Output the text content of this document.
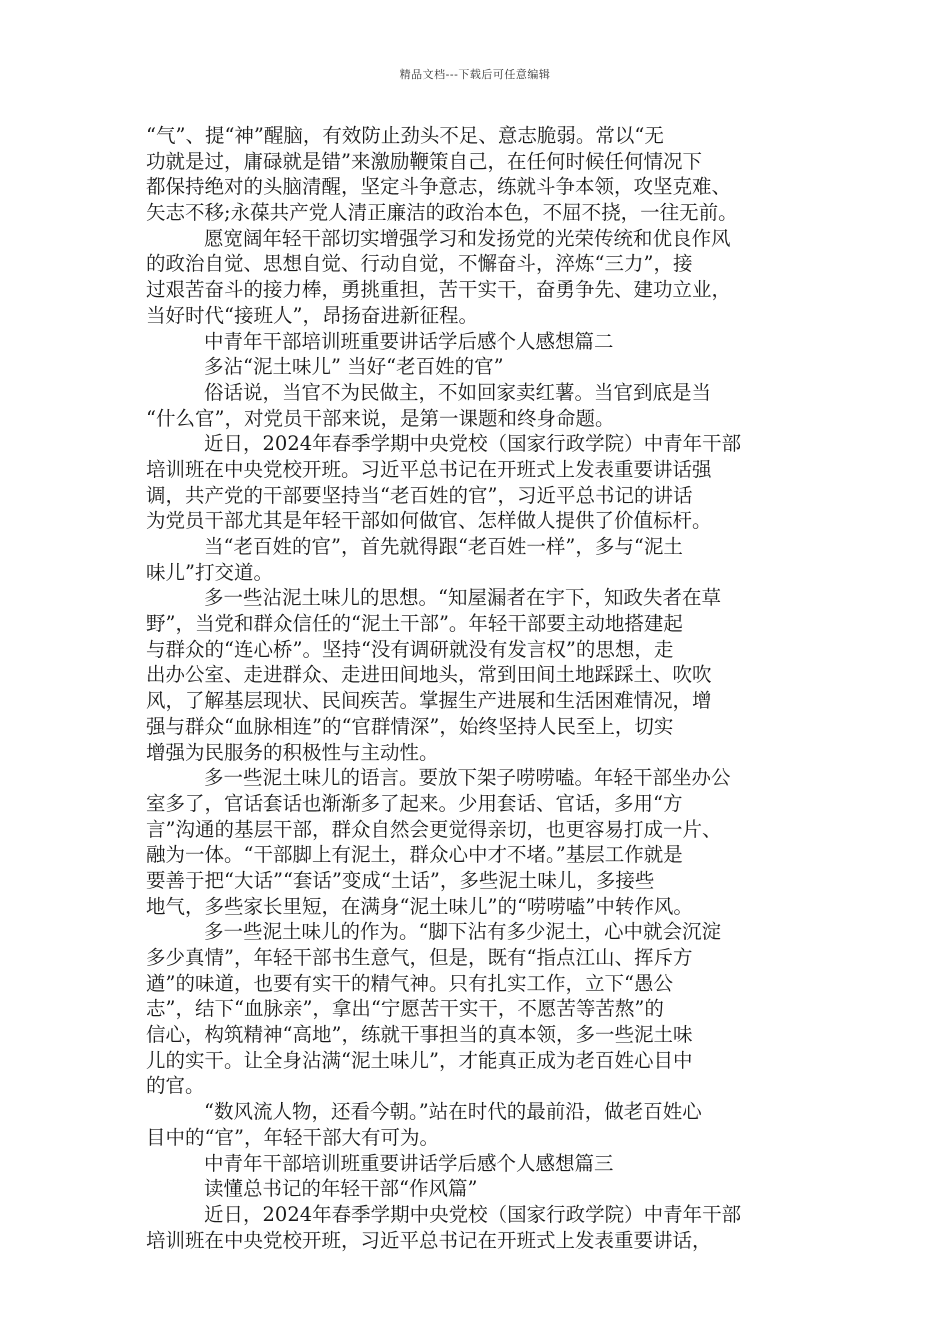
精品文档---下载后可任意编辑
“气”、提“神”醒脑，有效防止劲头不足、意志脆弱。常以“无
功就是过，庸碌就是错”来激励鞭策自己，在任何时候任何情况下
都保持绝对的头脑清醒，坚定斗争意志，练就斗争本领，攻坚克难、
矢志不移;永葆共产党人清正廉洁的政治本色，不屈不挠，一往无前。
愿宽阔年轻干部切实增强学习和发扬党的光荣传统和优良作风
的政治自觉、思想自觉、行动自觉，不懈奋斗，淬炼“三力”，接
过艰苦奋斗的接力棒，勇挑重担，苦干实干，奋勇争先、建功立业，
当好时代“接班人”，昂扬奋进新征程。
中青年干部培训班重要讲话学后感个人感想篇二
多沾“泥土味儿” 当好“老百姓的官”
俗话说，当官不为民做主，不如回家卖红薯。当官到底是当
“什么官”，对党员干部来说，是第一课题和终身命题。
近日，2024年春季学期中央党校（国家行政学院）中青年干部
培训班在中央党校开班。习近平总书记在开班式上发表重要讲话强
调，共产党的干部要坚持当“老百姓的官”，习近平总书记的讲话
为党员干部尤其是年轻干部如何做官、怎样做人提供了价值标杆。
当“老百姓的官”，首先就得跟“老百姓一样”，多与“泥土
味儿”打交道。
多一些沾泥土味儿的思想。“知屋漏者在宇下，知政失者在草
野”，当党和群众信任的“泥土干部”。年轻干部要主动地搭建起
与群众的“连心桥”。坚持“没有调研就没有发言权”的思想，走
出办公室、走进群众、走进田间地头，常到田间土地踩踩土、吹吹
风，了解基层现状、民间疾苦。掌握生产进展和生活困难情况，增
强与群众“血脉相连”的“官群情深”，始终坚持人民至上，切实
增强为民服务的积极性与主动性。
多一些泥土味儿的语言。要放下架子唠唠嗑。年轻干部坐办公
室多了，官话套话也渐渐多了起来。少用套话、官话，多用“方
言”沟通的基层干部，群众自然会更觉得亲切，也更容易打成一片、
融为一体。“干部脚上有泥土，群众心中才不堵。”基层工作就是
要善于把“大话”“套话”变成“土话”，多些泥土味儿，多接些
地气，多些家长里短，在满身“泥土味儿”的“唠唠嗑”中转作风。
多一些泥土味儿的作为。“脚下沾有多少泥土，心中就会沉淀
多少真情”，年轻干部书生意气，但是，既有“指点江山、挥斥方
遒”的味道，也要有实干的精气神。只有扎实工作，立下“愚公
志”，结下“血脉亲”，拿出“宁愿苦干实干，不愿苦等苦熬”的
信心，构筑精神“高地”，练就干事担当的真本领，多一些泥土味
儿的实干。让全身沾满“泥土味儿”，才能真正成为老百姓心目中
的官。
“数风流人物，还看今朝。”站在时代的最前沿，做老百姓心
目中的“官”，年轻干部大有可为。
中青年干部培训班重要讲话学后感个人感想篇三
读懂总书记的年轻干部“作风篇”
近日，2024年春季学期中央党校（国家行政学院）中青年干部
培训班在中央党校开班，习近平总书记在开班式上发表重要讲话，
